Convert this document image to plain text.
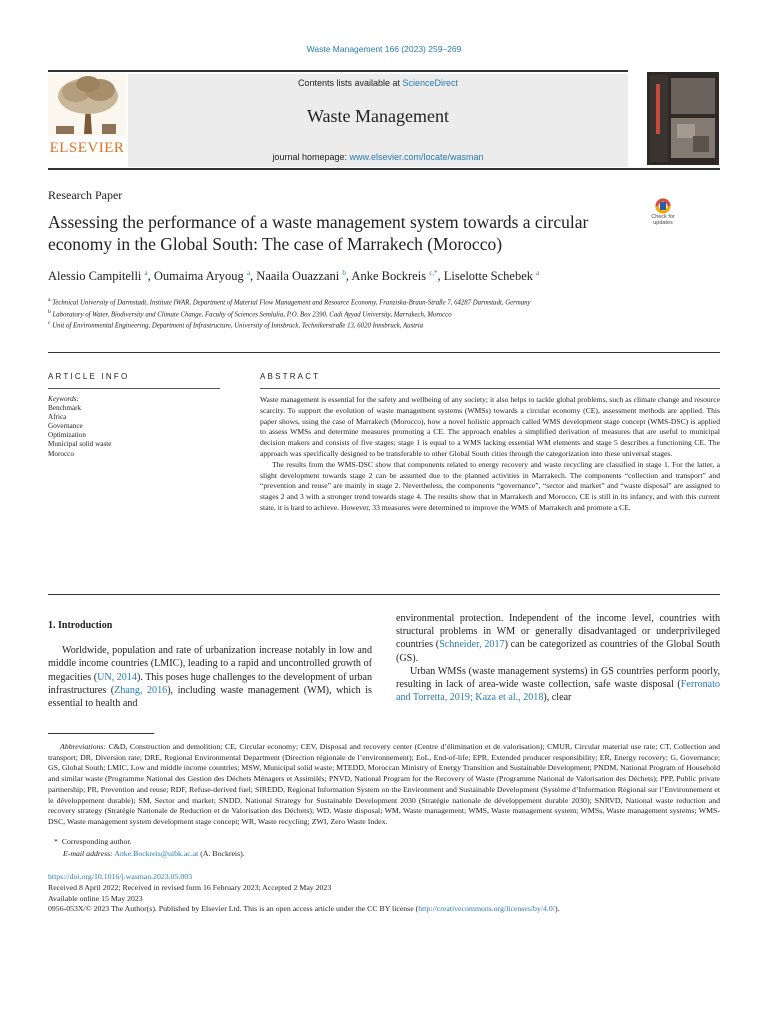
Waste Management 166 (2023) 259–269
ELSEVIER
Contents lists available at ScienceDirect
Waste Management
journal homepage: www.elsevier.com/locate/wasman
Research Paper
Assessing the performance of a waste management system towards a circular economy in the Global South: The case of Marrakech (Morocco)
Check for updates
Alessio Campitelli $^a$, Oumaima Aryoug $^a$, Naaila Ouazzani $^b$, Anke Bockreis $^{c,*}$, Liselotte Schebek $^a$
$^a$ Technical University of Darmstadt, Institute IWAR, Department of Material Flow Management and Resource Economy, Franziska-Braun-Straße 7, 64287 Darmstadt, Germany
$^b$ Laboratory of Water, Biodiversity and Climate Change, Faculty of Sciences Semlalia, P.O. Box 2390, Cadi Ayyad University, Marrakech, Morocco
$^c$ Unit of Environmental Engineering, Department of Infrastructure, University of Innsbruck, Technikerstraße 13, 6020 Innsbruck, Austria
ARTICLE INFO	ABSTRACT
Keywords:
Benchmark
Africa
Governance
Optimization
Municipal solid waste
Morocco

Waste management is essential for the safety and wellbeing of any society; it also helps to tackle global problems, such as climate change and resource scarcity. To support the evolution of waste management systems (WMSs) towards a circular economy (CE), assessment methods are applied. This paper shows, using the case of Marrakech (Morocco), how a novel holistic approach called WMS development stage concept (WMS-DSC) is applied to assess WMSs and determine measures promoting a CE. The approach enables a simplified derivation of measures that are useful to municipal decision makers and consists of five stages; stage 1 is equal to a WMS lacking essential WM elements and stage 5 describes a functioning CE. The approach was specifically designed to be transferable to other Global South cities through the categorization into these universal stages.

The results from the WMS-DSC show that components related to energy recovery and waste recycling are classified in stage 1. For the latter, a slight development towards stage 2 can be assumed due to the planned activities in Marrakech. The components “collection and transport” and “prevention and reuse” are mainly in stage 2. Nevertheless, the components “governance”, “sector and market” and “waste disposal” are assigned to stages 2 and 3 with a stronger trend towards stage 4. The results show that in Marrakech and Morocco, CE is still in its infancy, and with this current state, it is hard to achieve. However, 33 measures were determined to improve the WMS of Marrakech and promote a CE.

1. Introduction

Worldwide, population and rate of urbanization increase notably in low and middle income countries (LMIC), leading to a rapid and uncontrolled growth of megacities (UN, 2014). This poses huge challenges to the development of urban infrastructures (Zhang, 2016), including waste management (WM), which is essential to health and

environmental protection. Independent of the income level, countries with structural problems in WM or generally disadvantaged or underprivileged countries (Schneider, 2017) can be categorized as countries of the Global South (GS).

Urban WMSs (waste management systems) in GS countries perform poorly, resulting in lack of area-wide waste collection, safe waste disposal (Ferronato and Torretta, 2019; Kaza et al., 2018), clear

Abbreviations: C&D, Construction and demolition; CE, Circular economy; CEV, Disposal and recovery center (Centre d’élimination et de valorisation); CMUR, Circular material use rate; CT, Collection and transport; DR, Diversion rate; DRE, Regional Environmental Department (Direction régionale de l’environnement); EoL, End-of-life; EPR, Extended producer responsibility; ER, Energy recovery; G, Governance; GS, Global South; LMIC, Low and middle income countries; MSW, Municipal solid waste; MTEDD, Moroccan Ministry of Energy Transition and Sustainable Development; PNDM, National Program of Household and similar waste (Programme National des Gestion des Déchets Ménagers et Assimilés; PNVD, National Program for the Recovery of Waste (Programme National de Valorisation des Déchets); PPP, Public private partnership; PR, Prevention and reuse; RDF, Refuse-derived fuel; SIREDD, Regional Information System on the Environment and Sustainable Development (Système d’Information Régional sur l’Environnement et le développement durable); SM, Sector and market; SNDD, National Strategy for Sustainable Development 2030 (Stratégie nationale de développement durable 2030); SNRVD, National waste reduction and recovery strategy (Stratégie Nationale de Reduction et de Valorisation des Déchets); WD, Waste disposal; WM, Waste management; WMS, Waste management system; WMSs, Waste management systems; WMS-DSC, Waste management system development stage concept; WR, Waste recycling; ZWI, Zero Waste Index.

* Corresponding author.
E-mail address: Anke.Bockreis@uibk.ac.at (A. Bockreis).
https://doi.org/10.1016/j.wasman.2023.05.003
Received 8 April 2022; Received in revised form 16 February 2023; Accepted 2 May 2023
Available online 15 May 2023
0956-053X/© 2023 The Author(s). Published by Elsevier Ltd. This is an open access article under the CC BY license (http://creativecommons.org/licenses/by/4.0/).
